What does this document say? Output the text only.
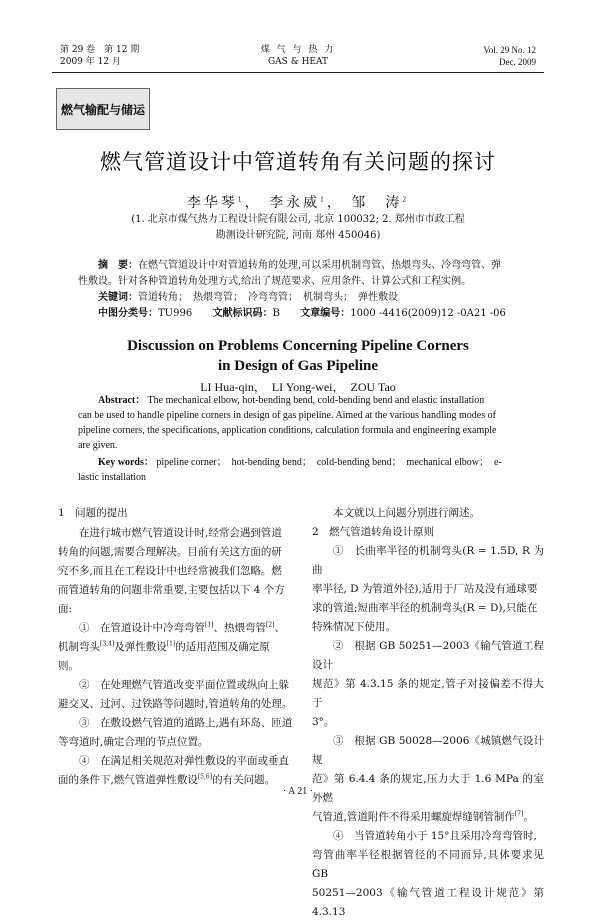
第 29 卷　第 12 期
2009 年 12 月
煤 气 与 热 力
GAS & HEAT
Vol. 29 No. 12
Dec. 2009
燃气输配与储运
燃气管道设计中管道转角有关问题的探讨
李华琴$^1$， 李永威$^1$， 邹　涛$^2$
(1. 北京市煤气热力工程设计院有限公司, 北京 100032; 2. 郑州市市政工程
勘测设计研究院, 河南 郑州 450046)
摘　要：在燃气管道设计中对管道转角的处理,可以采用机制弯管、热煨弯头、冷弯弯管、弹
性敷设。针对各种管道转角处理方式,给出了规范要求、应用条件、计算公式和工程实例。
关键词：管道转角；　热煨弯管；　冷弯弯管；　机制弯头；　弹性敷设
中图分类号：TU996 文献标识码：B 文章编号：1000 -4416(2009)12 -0A21 -06
Discussion on Problems Concerning Pipeline Corners
in Design of Gas Pipeline
LI Hua-qin，　LI Yong-wei，　ZOU Tao
Abstract： The mechanical elbow, hot-bending bend, cold-bending bend and elastic installation
can be used to handle pipeline corners in design of gas pipeline. Aimed at the various handling modes of
pipeline corners, the specifications, application conditions, calculation formula and engineering example
are given.
Key words： pipeline corner；　hot-bending bend；　cold-bending bend；　mechanical elbow；　e-
lastic installation

1　问题的提出

在进行城市燃气管道设计时,经常会遇到管道

转角的问题,需要合理解决。目前有关这方面的研

究不多,而且在工程设计中也经常被我们忽略。燃

而管道转角的问题非常重要,主要包括以下 4 个方

面:

①　在管道设计中冷弯弯管[1]、热煨弯管[2]、

机制弯头[3,4]及弹性敷设[1]的适用范围及确定原

则。

②　在处理燃气管道改变平面位置或纵向上躲

避交叉、过河、过铁路等问题时,管道转角的处理。

③　在敷设燃气管道的道路上,遇有环岛、匝道

等弯道时,确定合理的节点位置。

④　在满足相关规范对弹性敷设的平面或垂直

面的条件下,燃气管道弹性敷设[5,6]的有关问题。

本文就以上问题分别进行阐述。

2　燃气管道转角设计原则

①　长曲率半径的机制弯头(R = 1.5D, R 为曲

率半径, D 为管道外径),适用于厂站及没有通球要

求的管道;短曲率半径的机制弯头(R = D),只能在

特殊情况下使用。

②　根据 GB 50251—2003《输气管道工程设计

规范》第 4.3.15 条的规定,管子对接偏差不得大于

3°。

③　根据 GB 50028—2006《城镇燃气设计规

范》第 6.4.4 条的规定,压力大于 1.6 MPa 的室外燃

气管道,管道附件不得采用螺旋焊缝钢管制作[7]。

④　当管道转角小于 15°且采用冷弯弯管时,

弯管曲率半径根据管径的不同而异,具体要求见 GB

50251—2003《输气管道工程设计规范》第 4.3.13

· A 21 ·
